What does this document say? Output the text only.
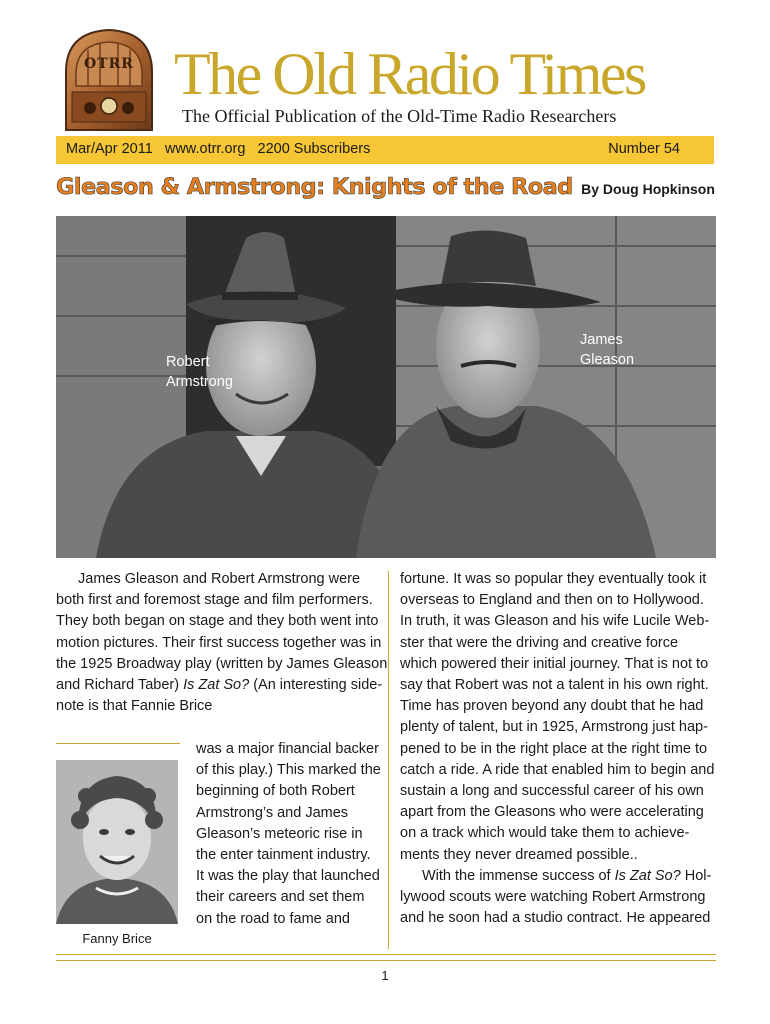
OTRR The Old Radio Times
The Official Publication of the Old-Time Radio Researchers
Mar/Apr 2011   www.otrr.org   2200 Subscribers	Number 54
Gleason & Armstrong: Knights of the Road By Doug Hopkinson
Robert
Armstrong
James
Gleason

James Gleason and Robert Armstrong were both first and foremost stage and film performers. They both began on stage and they both went into motion pictures. Their first success together was in the 1925 Broadway play (written by James Gleason and Richard Taber) Is Zat So? (An interesting side-note is that Fannie Brice

Fanny Brice

was a major financial backer of this play.) This marked the beginning of both Robert Armstrong’s and James Gleason’s meteoric rise in the enter tainment industry. It was the play that launched their careers and set them on the road to fame and

fortune. It was so popular they eventually took it overseas to England and then on to Hollywood. In truth, it was Gleason and his wife Lucile Web-ster that were the driving and creative force which powered their initial journey. That is not to say that Robert was not a talent in his own right. Time has proven beyond any doubt that he had plenty of talent, but in 1925, Armstrong just hap-pened to be in the right place at the right time to catch a ride. A ride that enabled him to begin and sustain a long and successful career of his own apart from the Gleasons who were accelerating on a track which would take them to achieve-ments they never dreamed possible..

With the immense success of Is Zat So? Hol-lywood scouts were watching Robert Armstrong and he soon had a studio contract. He appeared

1
